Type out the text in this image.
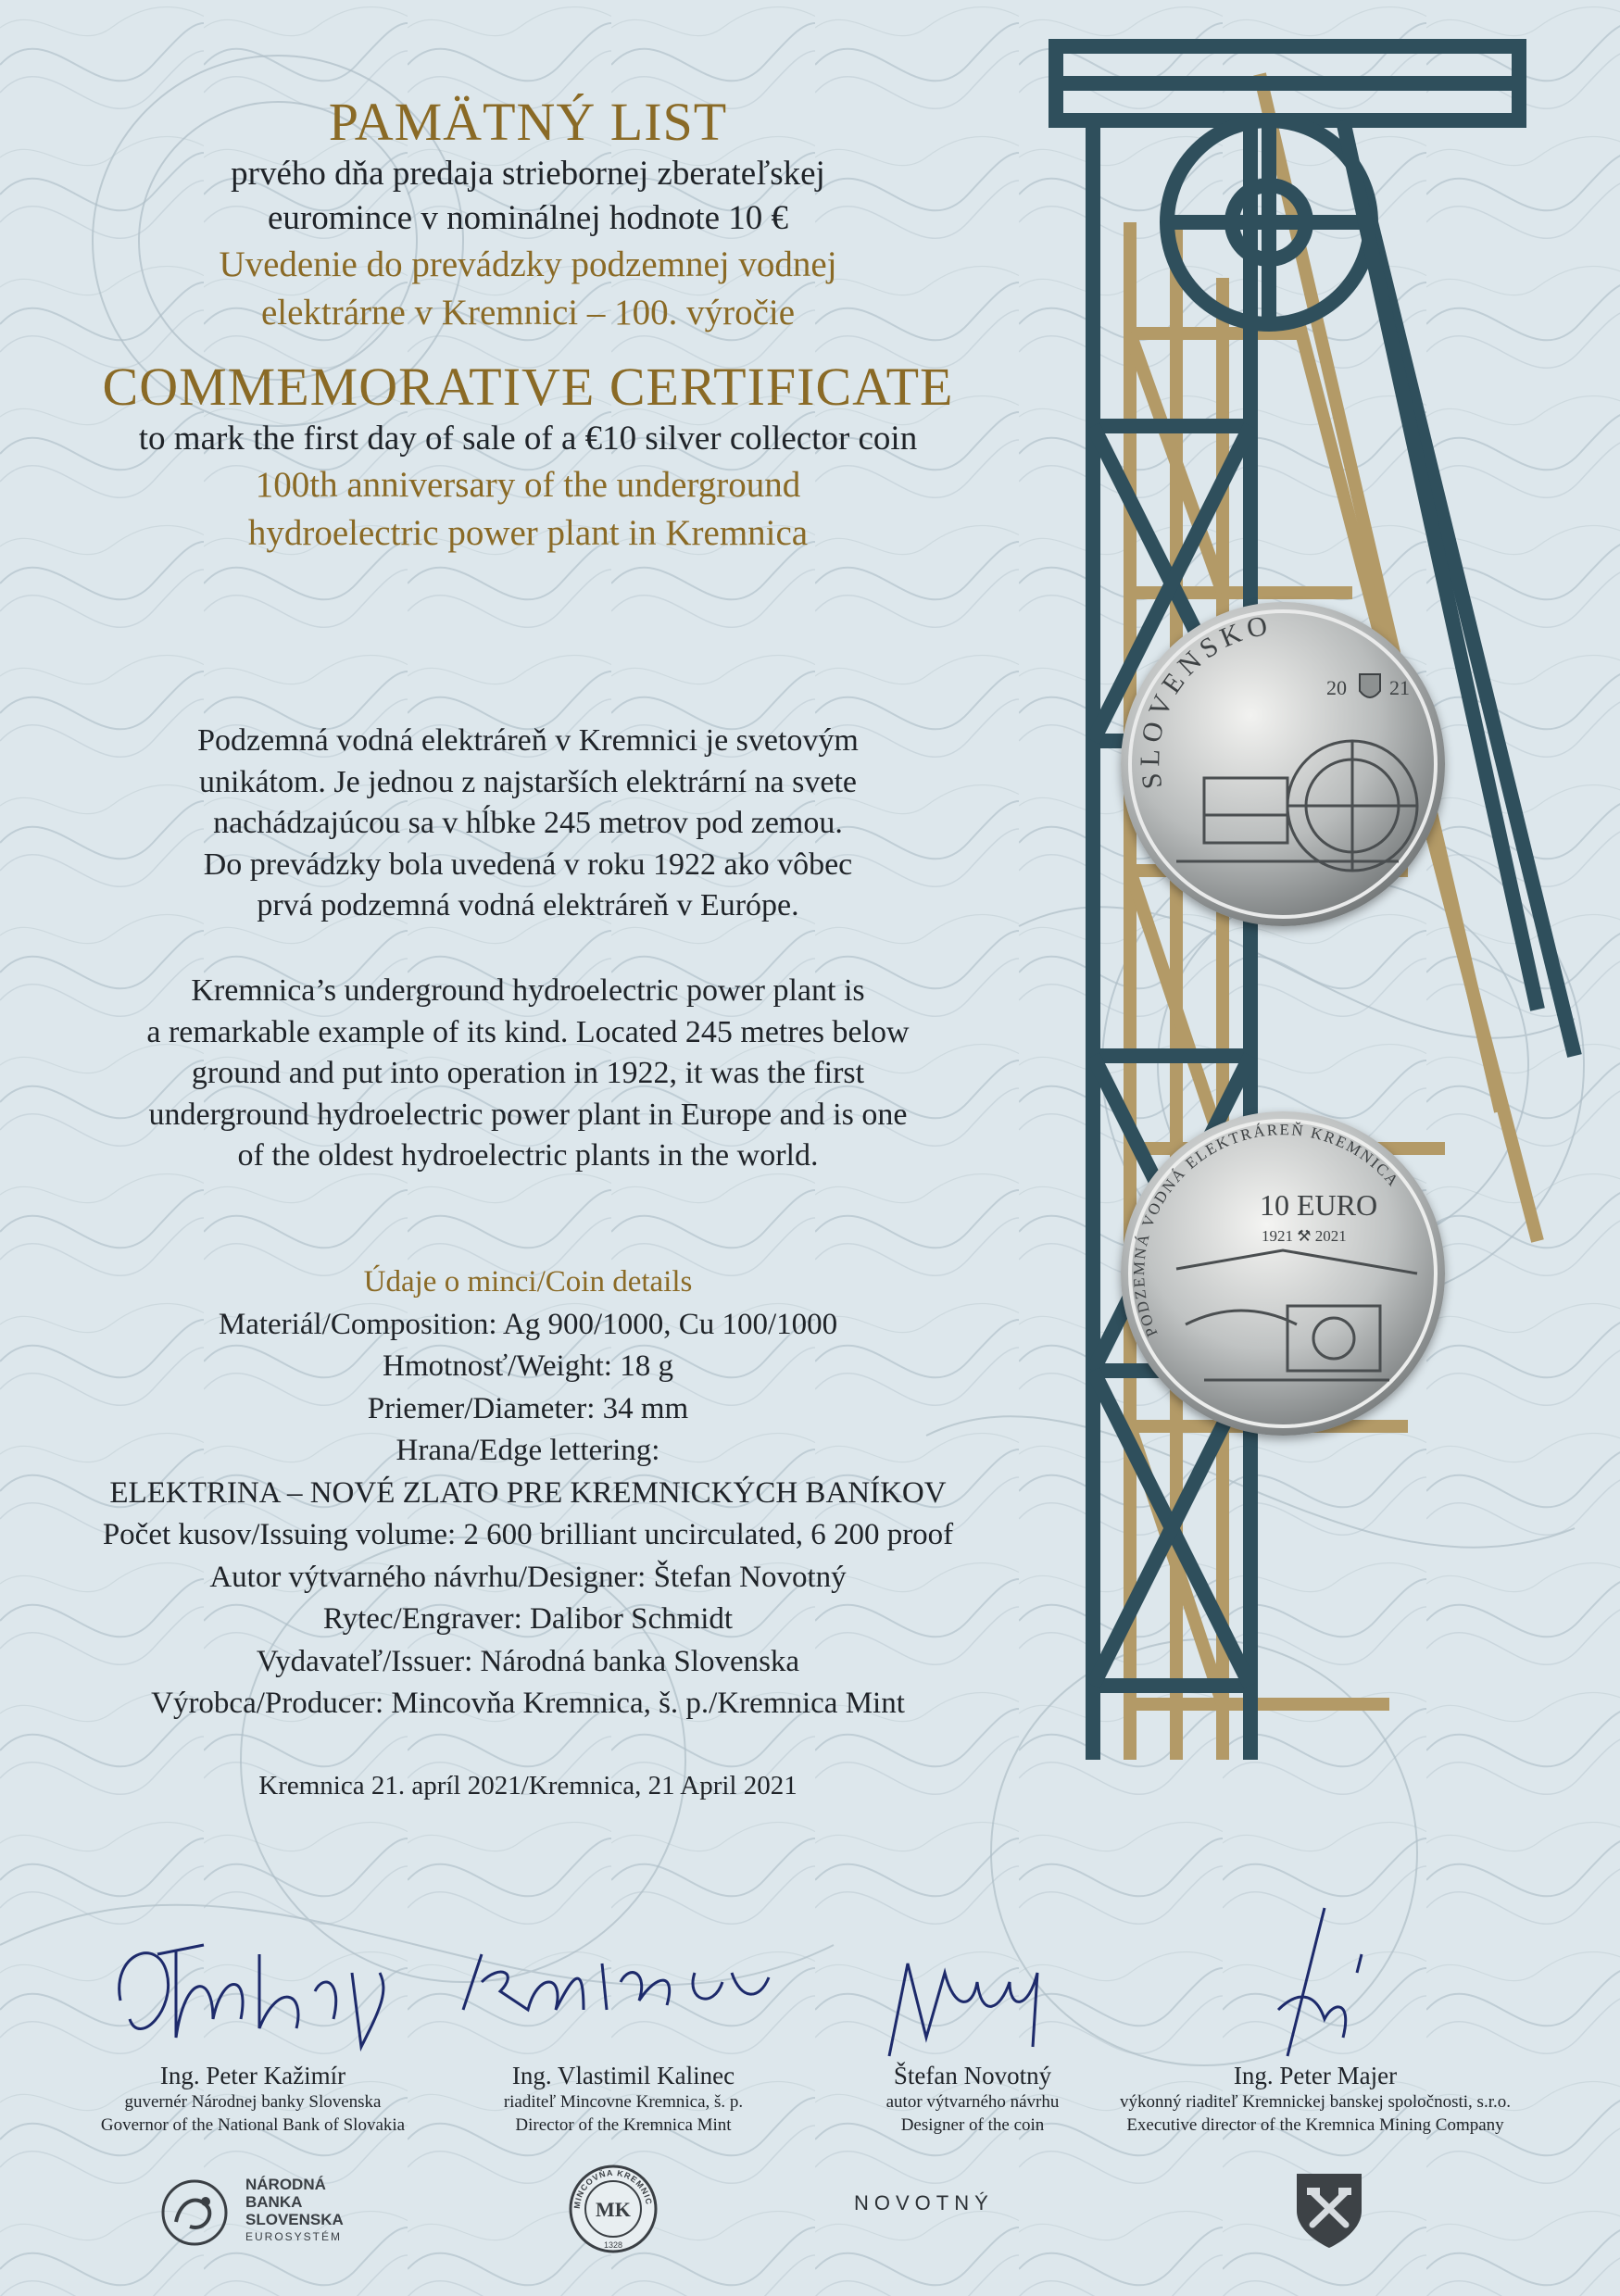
SLOVENSKO
20 21
PODZEMNÁ VODNÁ ELEKTRÁREŇ KREMNICA
10 EURO
1921 ⚒ 2021
PAMÄTNÝ LIST
prvého dňa predaja striebornej zberateľskej
euromince v nominálnej hodnote 10 €
Uvedenie do prevádzky podzemnej vodnej
elektrárne v Kremnici – 100. výročie
COMMEMORATIVE CERTIFICATE
to mark the first day of sale of a €10 silver collector coin
100th anniversary of the underground
hydroelectric power plant in Kremnica
Podzemná vodná elektráreň v Kremnici je svetovým
unikátom. Je jednou z najstarších elektrární na svete
nachádzajúcou sa v hĺbke 245 metrov pod zemou.
Do prevádzky bola uvedená v roku 1922 ako vôbec
prvá podzemná vodná elektráreň v Európe.
Kremnica’s underground hydroelectric power plant is
a remarkable example of its kind. Located 245 metres below
ground and put into operation in 1922, it was the first
underground hydroelectric power plant in Europe and is one
of the oldest hydroelectric plants in the world.
Údaje o minci/Coin details
Materiál/Composition: Ag 900/1000, Cu 100/1000
Hmotnosť/Weight: 18 g
Priemer/Diameter: 34 mm
Hrana/Edge lettering:
ELEKTRINA – NOVÉ ZLATO PRE KREMNICKÝCH BANÍKOV
Počet kusov/Issuing volume: 2 600 brilliant uncirculated, 6 200 proof
Autor výtvarného návrhu/Designer: Štefan Novotný
Rytec/Engraver: Dalibor Schmidt
Vydavateľ/Issuer: Národná banka Slovenska
Výrobca/Producer: Mincovňa Kremnica, š. p./Kremnica Mint
Kremnica 21. apríl 2021/Kremnica, 21 April 2021
Ing. Peter Kažimír
guvernér Národnej banky Slovenska
Governor of the National Bank of Slovakia
Ing. Vlastimil Kalinec
riaditeľ Mincovne Kremnica, š. p.
Director of the Kremnica Mint
Štefan Novotný
autor výtvarného návrhu
Designer of the coin
Ing. Peter Majer
výkonný riaditeľ Kremnickej banskej spoločnosti, s.r.o.
Executive director of the Kremnica Mining Company
NÁRODNÁ
BANKA
SLOVENSKA
EUROSYSTÉM
MINCOVŇA KREMNIC
MK
1328
NOVOTNÝ
